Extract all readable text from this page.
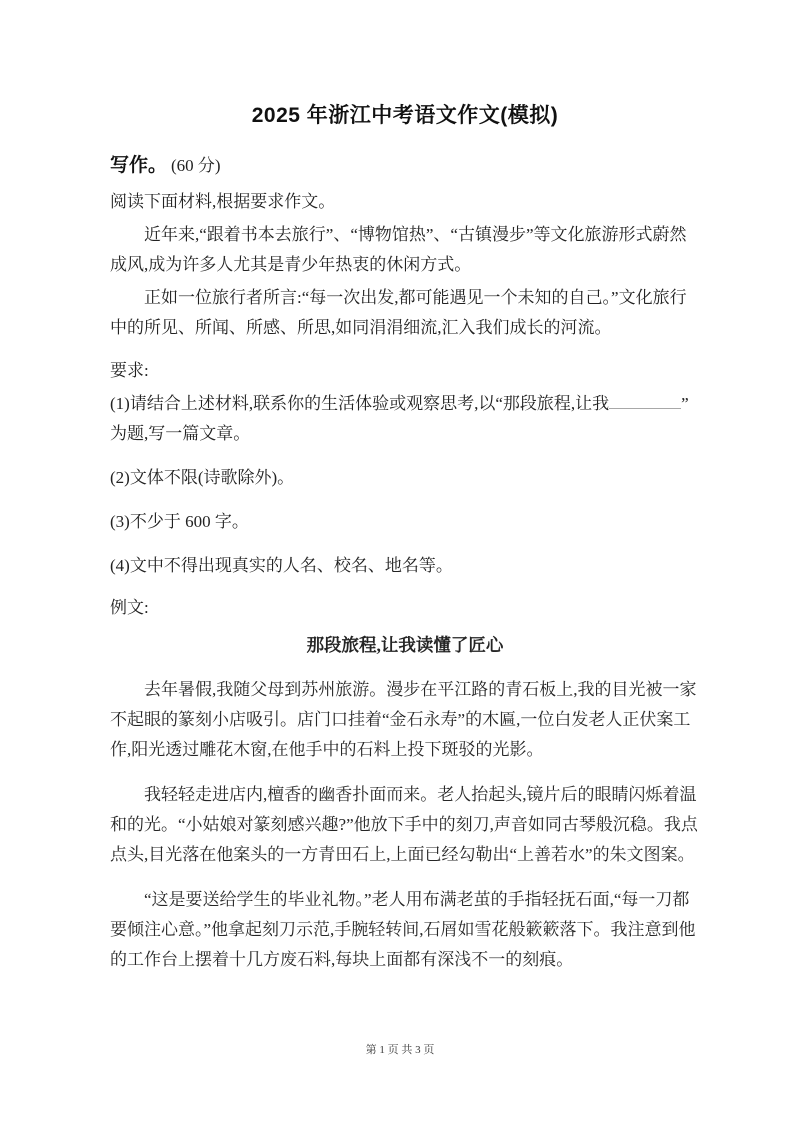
2025 年浙江中考语文作文(模拟)

写作。 (60 分)

阅读下面材料,根据要求作文。

近年来,“跟着书本去旅行”、“博物馆热”、“古镇漫步”等文化旅游形式蔚然成风,成为许多人尤其是青少年热衷的休闲方式。

正如一位旅行者所言:“每一次出发,都可能遇见一个未知的自己。”文化旅行中的所见、所闻、所感、所思,如同涓涓细流,汇入我们成长的河流。

要求:

(1)请结合上述材料,联系你的生活体验或观察思考,以“那段旅程,让我	”为题,写一篇文章。

(2)文体不限(诗歌除外)。

(3)不少于 600 字。

(4)文中不得出现真实的人名、校名、地名等。

例文:

那段旅程,让我读懂了匠心

去年暑假,我随父母到苏州旅游。漫步在平江路的青石板上,我的目光被一家不起眼的篆刻小店吸引。店门口挂着“金石永寿”的木匾,一位白发老人正伏案工作,阳光透过雕花木窗,在他手中的石料上投下斑驳的光影。

我轻轻走进店内,檀香的幽香扑面而来。老人抬起头,镜片后的眼睛闪烁着温和的光。“小姑娘对篆刻感兴趣?”他放下手中的刻刀,声音如同古琴般沉稳。我点点头,目光落在他案头的一方青田石上,上面已经勾勒出“上善若水”的朱文图案。

“这是要送给学生的毕业礼物。”老人用布满老茧的手指轻抚石面,“每一刀都要倾注心意。”他拿起刻刀示范,手腕轻转间,石屑如雪花般簌簌落下。我注意到他的工作台上摆着十几方废石料,每块上面都有深浅不一的刻痕。

第 1 页 共 3 页
